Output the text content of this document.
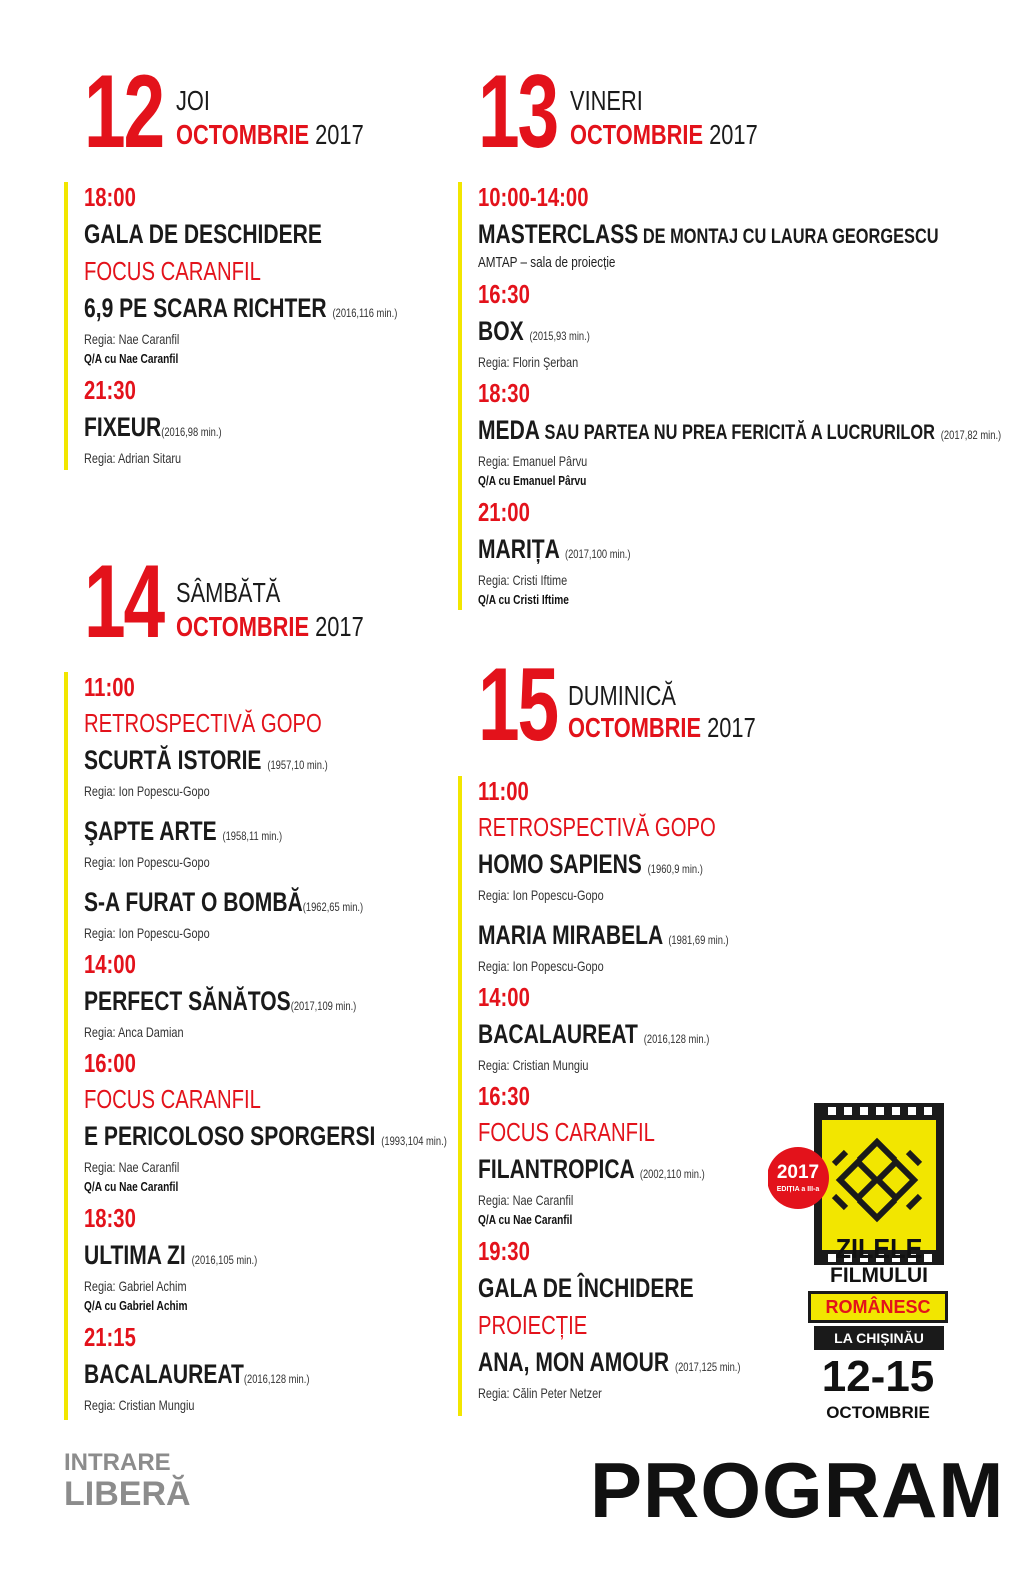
12 JOI
OCTOMBRIE 2017 13 VINERI
OCTOMBRIE 2017
14 SÂMBĂTĂ
OCTOMBRIE 2017
15 DUMINICĂ
OCTOMBRIE 2017
18:00
GALA DE DESCHIDERE
FOCUS CARANFIL
6,9 PE SCARA RICHTER (2016,116 min.)
Regia: Nae Caranfil
Q/A cu Nae Caranfil
21:30
FIXEUR(2016,98 min.)
Regia: Adrian Sitaru
10:00-14:00
MASTERCLASS DE MONTAJ CU LAURA GEORGESCU
AMTAP – sala de proiecție
16:30
BOX (2015,93 min.)
Regia: Florin Şerban
18:30
MEDA SAU PARTEA NU PREA FERICITĂ A LUCRURILOR (2017,82 min.)
Regia: Emanuel Pârvu
Q/A cu Emanuel Pârvu
21:00
MARIȚA (2017,100 min.)
Regia: Cristi Iftime
Q/A cu Cristi Iftime
11:00
RETROSPECTIVĂ GOPO
SCURTĂ ISTORIE (1957,10 min.)
Regia: Ion Popescu-Gopo
ŞAPTE ARTE (1958,11 min.)
Regia: Ion Popescu-Gopo
S-A FURAT O BOMBĂ(1962,65 min.)
Regia: Ion Popescu-Gopo
14:00
PERFECT SĂNĂTOS(2017,109 min.)
Regia: Anca Damian
16:00
FOCUS CARANFIL
E PERICOLOSO SPORGERSI (1993,104 min.)
Regia: Nae Caranfil
Q/A cu Nae Caranfil
18:30
ULTIMA ZI (2016,105 min.)
Regia: Gabriel Achim
Q/A cu Gabriel Achim
21:15
BACALAUREAT(2016,128 min.)
Regia: Cristian Mungiu
11:00
RETROSPECTIVĂ GOPO
HOMO SAPIENS (1960,9 min.)
Regia: Ion Popescu-Gopo
MARIA MIRABELA (1981,69 min.)
Regia: Ion Popescu-Gopo
14:00
BACALAUREAT (2016,128 min.)
Regia: Cristian Mungiu
16:30
FOCUS CARANFIL
FILANTROPICA (2002,110 min.)
Regia: Nae Caranfil
Q/A cu Nae Caranfil
19:30
GALA DE ÎNCHIDERE
PROIECȚIE
ANA, MON AMOUR (2017,125 min.)
Regia: Călin Peter Netzer
2017
EDIȚIA a III-a
ZILELE
FILMULUI
ROMÂNESC
LA CHIȘINĂU
12-15
OCTOMBRIE
INTRARE
LIBERĂ	PROGRAM
